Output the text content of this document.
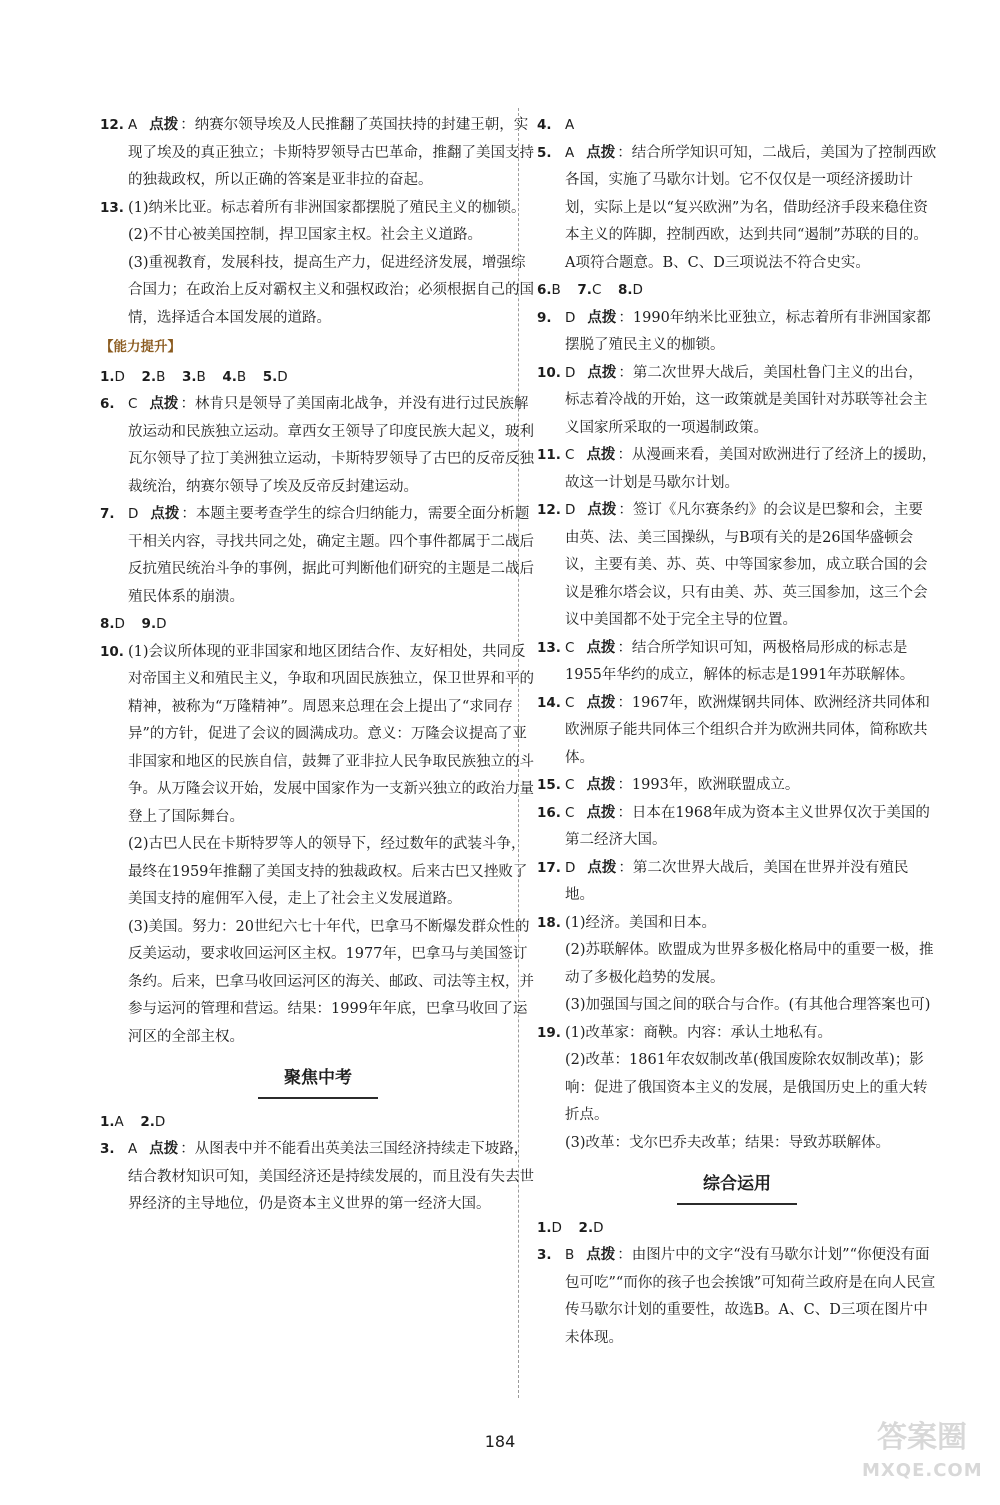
12. A 点拨 ：纳赛尔领导埃及人民推翻了英国扶持的封建王朝，实现了埃及的真正独立；卡斯特罗领导古巴革命，推翻了美国支持的独裁政权，所以正确的答案是亚非拉的奋起。

13. (1)纳米比亚。标志着所有非洲国家都摆脱了殖民主义的枷锁。
(2)不甘心被美国控制，捍卫国家主权。社会主义道路。
(3)重视教育，发展科技，提高生产力，促进经济发展，增强综合国力；在政治上反对霸权主义和强权政治；必须根据自己的国情，选择适合本国发展的道路。
【能力提升】

1.D 2.B 3.B 4.B 5.D

6. C 点拨 ：林肯只是领导了美国南北战争，并没有进行过民族解放运动和民族独立运动。章西女王领导了印度民族大起义，玻利瓦尔领导了拉丁美洲独立运动，卡斯特罗领导了古巴的反帝反独裁统治，纳赛尔领导了埃及反帝反封建运动。

7. D 点拨 ：本题主要考查学生的综合归纳能力，需要全面分析题干相关内容，寻找共同之处，确定主题。四个事件都属于二战后反抗殖民统治斗争的事例，据此可判断他们研究的主题是二战后殖民体系的崩溃。

8.D 9.D

10. (1)会议所体现的亚非国家和地区团结合作、友好相处，共同反对帝国主义和殖民主义，争取和巩固民族独立，保卫世界和平的精神，被称为“万隆精神”。周恩来总理在会上提出了“求同存异”的方针，促进了会议的圆满成功。意义：万隆会议提高了亚非国家和地区的民族自信，鼓舞了亚非拉人民争取民族独立的斗争。从万隆会议开始，发展中国家作为一支新兴独立的政治力量登上了国际舞台。
(2)古巴人民在卡斯特罗等人的领导下，经过数年的武装斗争，最终在1959年推翻了美国支持的独裁政权。后来古巴又挫败了美国支持的雇佣军入侵，走上了社会主义发展道路。
(3)美国。努力：20世纪六七十年代，巴拿马不断爆发群众性的反美运动，要求收回运河区主权。1977年，巴拿马与美国签订条约。后来，巴拿马收回运河区的海关、邮政、司法等主权，并参与运河的管理和营运。结果：1999年年底，巴拿马收回了运河区的全部主权。
聚焦中考

1.A 2.D

3. A 点拨 ：从图表中并不能看出英美法三国经济持续走下坡路，结合教材知识可知，美国经济还是持续发展的，而且没有失去世界经济的主导地位，仍是资本主义世界的第一经济大国。

4. A

5. A 点拨 ：结合所学知识可知，二战后，美国为了控制西欧各国，实施了马歇尔计划。它不仅仅是一项经济援助计划，实际上是以“复兴欧洲”为名，借助经济手段来稳住资本主义的阵脚，控制西欧，达到共同“遏制”苏联的目的。A项符合题意。B、C、D三项说法不符合史实。

6.B 7.C 8.D

9. D 点拨 ：1990年纳米比亚独立，标志着所有非洲国家都摆脱了殖民主义的枷锁。

10. D 点拨 ：第二次世界大战后，美国杜鲁门主义的出台，标志着冷战的开始，这一政策就是美国针对苏联等社会主义国家所采取的一项遏制政策。

11. C 点拨 ：从漫画来看，美国对欧洲进行了经济上的援助，故这一计划是马歇尔计划。

12. D 点拨 ：签订《凡尔赛条约》的会议是巴黎和会，主要由英、法、美三国操纵，与B项有关的是26国华盛顿会议，主要有美、苏、英、中等国家参加，成立联合国的会议是雅尔塔会议，只有由美、苏、英三国参加，这三个会议中美国都不处于完全主导的位置。

13. C 点拨 ：结合所学知识可知，两极格局形成的标志是1955年华约的成立，解体的标志是1991年苏联解体。

14. C 点拨 ：1967年，欧洲煤钢共同体、欧洲经济共同体和欧洲原子能共同体三个组织合并为欧洲共同体，简称欧共体。

15. C 点拨 ：1993年，欧洲联盟成立。

16. C 点拨 ：日本在1968年成为资本主义世界仅次于美国的第二经济大国。

17. D 点拨 ：第二次世界大战后，美国在世界并没有殖民地。

18. (1)经济。美国和日本。
(2)苏联解体。欧盟成为世界多极化格局中的重要一极，推动了多极化趋势的发展。
(3)加强国与国之间的联合与合作。(有其他合理答案也可)
19. (1)改革家：商鞅。内容：承认土地私有。
(2)改革：1861年农奴制改革(俄国废除农奴制改革)；影响：促进了俄国资本主义的发展，是俄国历史上的重大转折点。
(3)改革：戈尔巴乔夫改革；结果：导致苏联解体。
综合运用

1.D 2.D

3. B 点拨 ：由图片中的文字“没有马歇尔计划”“你便没有面包可吃”“而你的孩子也会挨饿”可知荷兰政府是在向人民宣传马歇尔计划的重要性，故选B。A、C、D三项在图片中未体现。

184	答案圈
MXQE.COM
